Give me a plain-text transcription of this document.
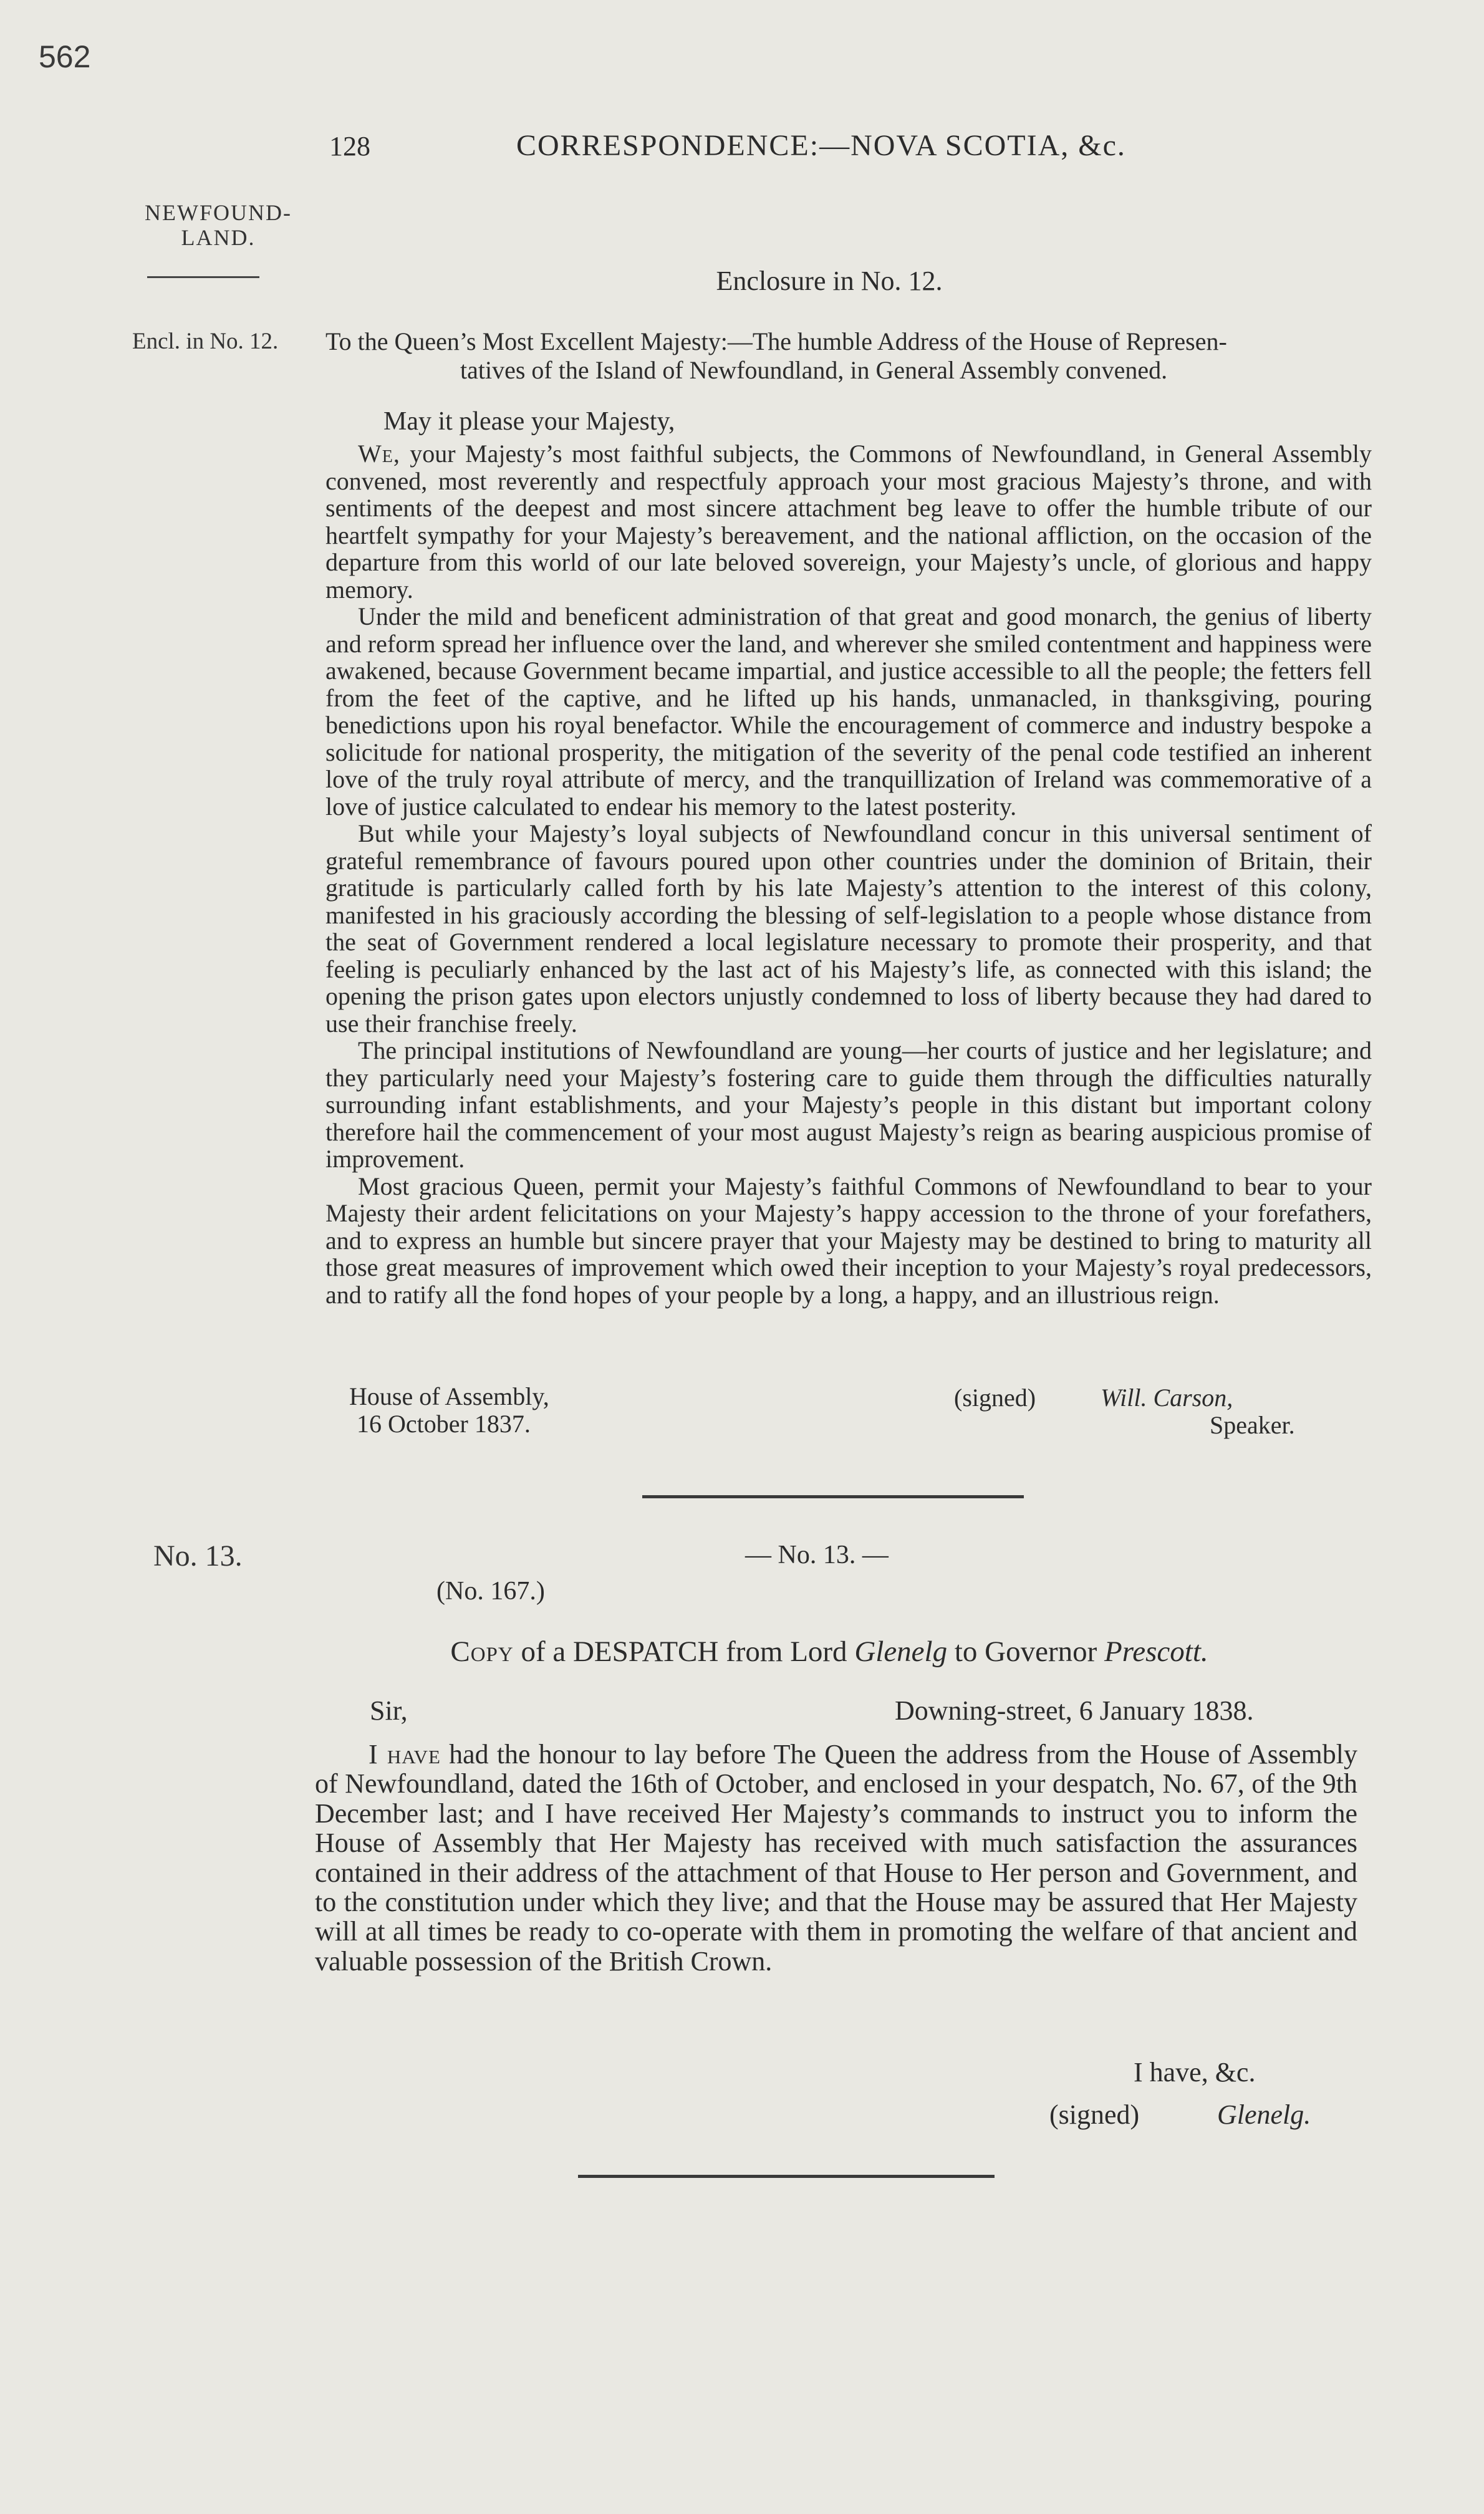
562
128	CORRESPONDENCE:—NOVA SCOTIA, &c.
NEWFOUND-
LAND.
Encl. in No. 12.
No. 13.
Enclosure in No. 12.
To the Queen’s Most Excellent Majesty:—The humble Address of the House of Represen-
tatives of the Island of Newfoundland, in General Assembly convened.
May it please your Majesty,

We, your Majesty’s most faithful subjects, the Commons of Newfoundland, in General Assembly convened, most reverently and respectfuly approach your most gracious Majesty’s throne, and with sentiments of the deepest and most sincere attachment beg leave to offer the humble tribute of our heartfelt sympathy for your Majesty’s bereavement, and the national affliction, on the occasion of the departure from this world of our late beloved sovereign, your Majesty’s uncle, of glorious and happy memory.

Under the mild and beneficent administration of that great and good monarch, the genius of liberty and reform spread her influence over the land, and wherever she smiled contentment and happiness were awakened, because Government became impartial, and justice accessible to all the people; the fetters fell from the feet of the captive, and he lifted up his hands, unmanacled, in thanksgiving, pouring benedictions upon his royal benefactor. While the encouragement of commerce and industry bespoke a solicitude for national prosperity, the mitigation of the severity of the penal code testified an inherent love of the truly royal attribute of mercy, and the tranquillization of Ireland was commemorative of a love of justice calculated to endear his memory to the latest posterity.

But while your Majesty’s loyal subjects of Newfoundland concur in this universal sentiment of grateful remembrance of favours poured upon other countries under the dominion of Britain, their gratitude is particularly called forth by his late Majesty’s attention to the interest of this colony, manifested in his graciously according the blessing of self-legislation to a people whose distance from the seat of Government rendered a local legislature necessary to promote their prosperity, and that feeling is peculiarly enhanced by the last act of his Majesty’s life, as connected with this island; the opening the prison gates upon electors unjustly condemned to loss of liberty because they had dared to use their franchise freely.

The principal institutions of Newfoundland are young—her courts of justice and her legislature; and they particularly need your Majesty’s fostering care to guide them through the difficulties naturally surrounding infant establishments, and your Majesty’s people in this distant but important colony therefore hail the commencement of your most august Majesty’s reign as bearing auspicious promise of improvement.

Most gracious Queen, permit your Majesty’s faithful Commons of Newfoundland to bear to your Majesty their ardent felicitations on your Majesty’s happy accession to the throne of your forefathers, and to express an humble but sincere prayer that your Majesty may be destined to bring to maturity all those great measures of improvement which owed their inception to your Majesty’s royal predecessors, and to ratify all the fond hopes of your people by a long, a happy, and an illustrious reign.

House of Assembly,
16 October 1837.
(signed)	Will. Carson,
Speaker.
— No. 13. —
(No. 167.)
Copy of a DESPATCH from Lord Glenelg to Governor Prescott.
Sir,	Downing-street, 6 January 1838.

I have had the honour to lay before The Queen the address from the House of Assembly of Newfoundland, dated the 16th of October, and enclosed in your despatch, No. 67, of the 9th December last; and I have received Her Majesty’s commands to instruct you to inform the House of Assembly that Her Majesty has received with much satisfaction the assurances contained in their address of the attachment of that House to Her person and Government, and to the constitution under which they live; and that the House may be assured that Her Majesty will at all times be ready to co-operate with them in promoting the welfare of that ancient and valuable possession of the British Crown.

I have, &c.
(signed)	Glenelg.
